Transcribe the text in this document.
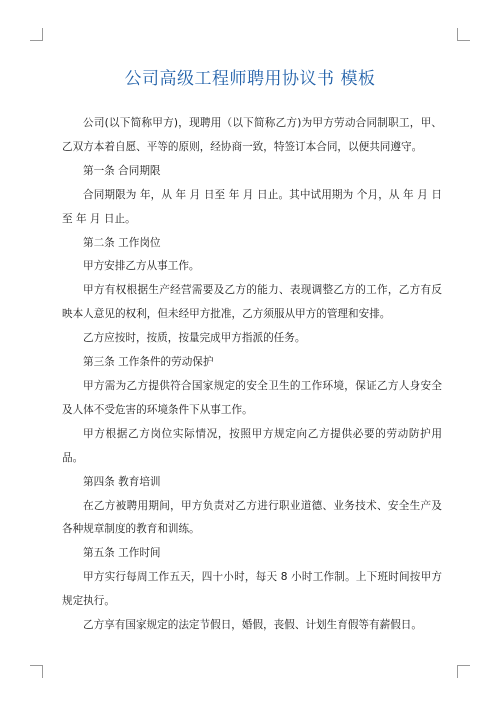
公司高级工程师聘用协议书 模板

公司(以下简称甲方)，现聘用（以下简称乙方)为甲方劳动合同制职工，甲、乙双方本着自愿、平等的原则，经协商一致，特签订本合同，以便共同遵守。

第一条 合同期限

合同期限为 年，从 年 月 日至 年 月 日止。其中试用期为 个月，从 年 月 日至 年 月 日止。

第二条 工作岗位

甲方安排乙方从事工作。

甲方有权根据生产经营需要及乙方的能力、表现调整乙方的工作，乙方有反映本人意见的权利，但未经甲方批准，乙方须服从甲方的管理和安排。

乙方应按时，按质，按量完成甲方指派的任务。

第三条 工作条件的劳动保护

甲方需为乙方提供符合国家规定的安全卫生的工作环境，保证乙方人身安全及人体不受危害的环境条件下从事工作。

甲方根据乙方岗位实际情况，按照甲方规定向乙方提供必要的劳动防护用品。

第四条 教育培训

在乙方被聘用期间，甲方负责对乙方进行职业道德、业务技术、安全生产及各种规章制度的教育和训练。

第五条 工作时间

甲方实行每周工作五天，四十小时，每天 8 小时工作制。上下班时间按甲方规定执行。

乙方享有国家规定的法定节假日，婚假，丧假、计划生育假等有薪假日。
